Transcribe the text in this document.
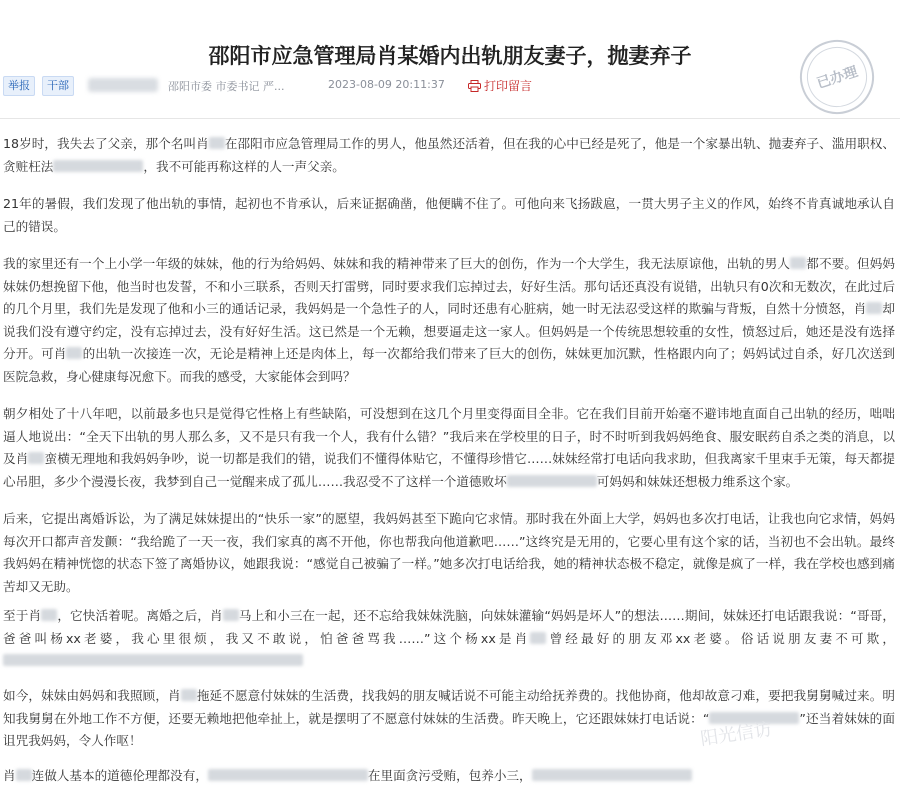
邵阳市应急管理局肖某婚内出轨朋友妻子，抛妻弃子
举报	干部	邵阳市委 市委书记 严...	2023-08-09 20:11:37	打印留言	已办理

18岁时，我失去了父亲，那个名叫肖 在邵阳市应急管理局工作的男人，他虽然还活着，但在我的心中已经是死了，他是一个家暴出轨、抛妻弃子、滥用职权、贪赃枉法	，我不可能再称这样的人一声父亲。

21年的暑假，我们发现了他出轨的事情，起初也不肯承认，后来证据确凿，他便瞒不住了。可他向来飞扬跋扈，一贯大男子主义的作风，始终不肯真诚地承认自己的错误。

我的家里还有一个上小学一年级的妹妹，他的行为给妈妈、妹妹和我的精神带来了巨大的创伤，作为一个大学生，我无法原谅他，出轨的男人 都不要。但妈妈妹妹仍想挽留下他，他当时也发誓，不和小三联系，否则天打雷劈，同时要求我们忘掉过去，好好生活。那句话还真没有说错，出轨只有0次和无数次，在此过后的几个月里，我们先是发现了他和小三的通话记录，我妈妈是一个急性子的人，同时还患有心脏病，她一时无法忍受这样的欺骗与背叛，自然十分愤怒，肖 却说我们没有遵守约定，没有忘掉过去，没有好好生活。这已然是一个无赖，想要逼走这一家人。但妈妈是一个传统思想较重的女性，愤怒过后，她还是没有选择分开。可肖 的出轨一次接连一次，无论是精神上还是肉体上，每一次都给我们带来了巨大的创伤，妹妹更加沉默，性格跟内向了；妈妈试过自杀，好几次送到医院急救，身心健康每况愈下。而我的感受，大家能体会到吗？

朝夕相处了十八年吧，以前最多也只是觉得它性格上有些缺陷，可没想到在这几个月里变得面目全非。它在我们目前开始毫不避讳地直面自己出轨的经历，咄咄逼人地说出：“全天下出轨的男人那么多，又不是只有我一个人，我有什么错？”我后来在学校里的日子，时不时听到我妈妈绝食、服安眠药自杀之类的消息，以及肖 蛮横无理地和我妈妈争吵，说一切都是我们的错，说我们不懂得体贴它，不懂得珍惜它……妹妹经常打电话向我求助，但我离家千里束手无策，每天都提心吊胆，多少个漫漫长夜，我梦到自己一觉醒来成了孤儿……我忍受不了这样一个道德败坏	可妈妈和妹妹还想极力维系这个家。

后来，它提出离婚诉讼，为了满足妹妹提出的“快乐一家”的愿望，我妈妈甚至下跪向它求情。那时我在外面上大学，妈妈也多次打电话，让我也向它求情，妈妈每次开口都声音发颤：“我给跪了一天一夜，我们家真的离不开他，你也帮我向他道歉吧……”这终究是无用的，它要心里有这个家的话，当初也不会出轨。最终我妈妈在精神恍惚的状态下签了离婚协议，她跟我说：“感觉自己被骗了一样。”她多次打电话给我，她的精神状态极不稳定，就像是疯了一样，我在学校也感到痛苦却又无助。

至于肖 ，它快活着呢。离婚之后，肖 马上和小三在一起，还不忘给我妹妹洗脑，向妹妹灌输“妈妈是坏人”的想法……期间，妹妹还打电话跟我说：“哥哥，爸爸叫杨xx老婆，我心里很烦，我又不敢说，怕爸爸骂我……”这个杨xx是肖 曾经最好的朋友邓xx老婆。俗话说朋友妻不可欺，

如今，妹妹由妈妈和我照顾，肖 拖延不愿意付妹妹的生活费，找我妈的朋友喊话说不可能主动给抚养费的。找他协商，他却故意刁难，要把我舅舅喊过来。明知我舅舅在外地工作不方便，还要无赖地把他牵扯上，就是摆明了不愿意付妹妹的生活费。昨天晚上，它还跟妹妹打电话说：“	”还当着妹妹的面诅咒我妈妈，令人作呕！

肖 连做人基本的道德伦理都没有，	在里面贪污受贿，包养小三，

阳光信访
